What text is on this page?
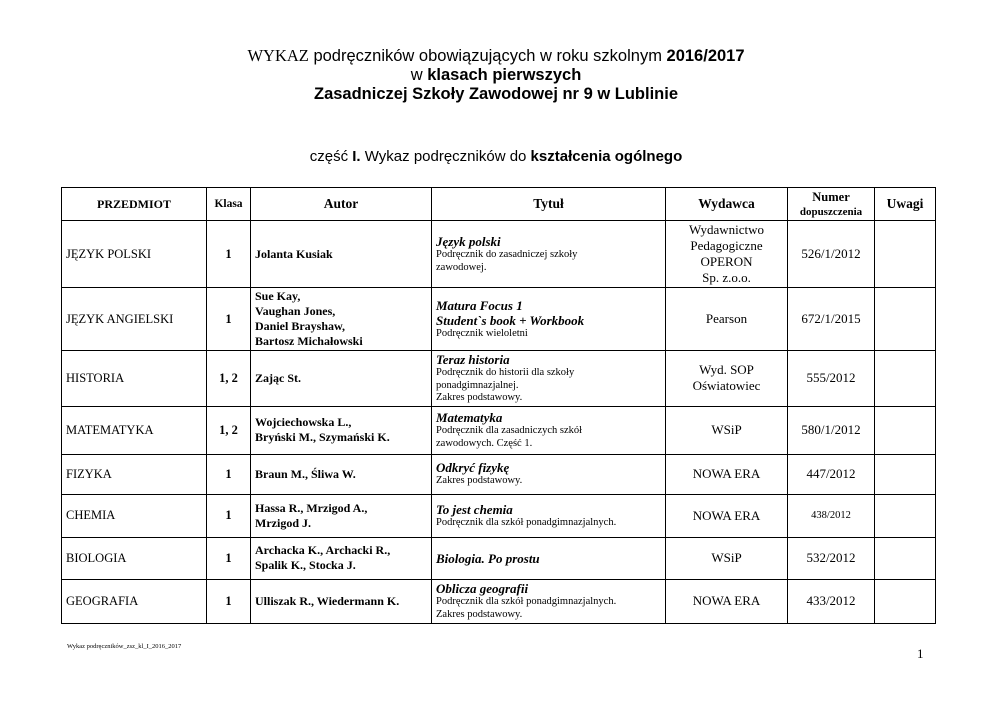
WYKAZ podręczników obowiązujących w roku szkolnym 2016/2017
w klasach pierwszych
Zasadniczej Szkoły Zawodowej nr 9 w Lublinie
część I. Wykaz podręczników do kształcenia ogólnego
PRZEDMIOT	Klasa	Autor	Tytuł	Wydawca	Numer
dopuszczenia	Uwagi
JĘZYK POLSKI	1	Jolanta Kusiak	Język polski
Podręcznik do zasadniczej szkoły
zawodowej.	Wydawnictwo
Pedagogiczne
OPERON
Sp. z.o.o.	526/1/2012	
JĘZYK ANGIELSKI	1	Sue Kay,
Vaughan Jones,
Daniel Brayshaw,
Bartosz Michałowski	Matura Focus 1
Student`s book + Workbook
Podręcznik wieloletni	Pearson	672/1/2015	
HISTORIA	1, 2	Zając St.	Teraz historia
Podręcznik do historii dla szkoły
ponadgimnazjalnej.
Zakres podstawowy.	Wyd. SOP
Oświatowiec	555/2012	
MATEMATYKA	1, 2	Wojciechowska L.,
Bryński M., Szymański K.	Matematyka
Podręcznik dla zasadniczych szkół
zawodowych. Część 1.	WSiP	580/1/2012	
FIZYKA	1	Braun M., Śliwa W.	Odkryć fizykę
Zakres podstawowy.	NOWA ERA	447/2012	
CHEMIA	1	Hassa R., Mrzigod A.,
Mrzigod J.	To jest chemia
Podręcznik dla szkół ponadgimnazjalnych.	NOWA ERA	438/2012	
BIOLOGIA	1	Archacka K., Archacki R.,
Spalik K., Stocka J.	Biologia. Po prostu	WSiP	532/2012	
GEOGRAFIA	1	Ulliszak R., Wiedermann K.	Oblicza geografii
Podręcznik dla szkół ponadgimnazjalnych.
Zakres podstawowy.	NOWA ERA	433/2012	
Wykaz podręczników_zsz_kl_I_2016_2017	1
